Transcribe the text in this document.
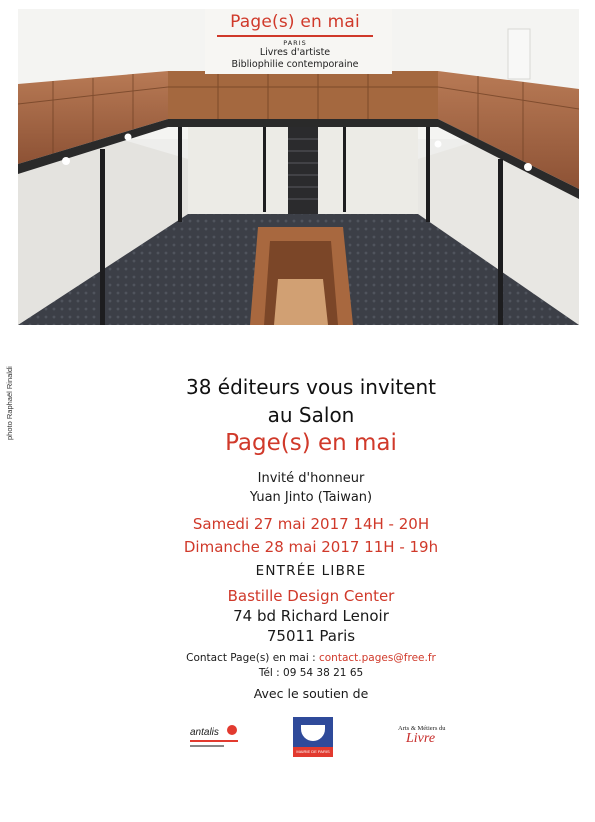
Page(s) en mai
PARIS
Livres d'artiste
Bibliophilie contemporaine
photo Raphaël Rinaldi	38 éditeurs vous invitent
au Salon
Page(s) en mai
Invité d'honneur
Yuan Jinto (Taiwan)
Samedi 27 mai 2017 14H - 20H
Dimanche 28 mai 2017 11H - 19h
ENTRÉE LIBRE
Bastille Design Center
74 bd Richard Lenoir
75011 Paris
Contact Page(s) en mai : contact.pages@free.fr
Tél : 09 54 38 21 65
Avec le soutien de
antalis
MAIRIE DE PARIS
Arts & Métiers du
Livre
